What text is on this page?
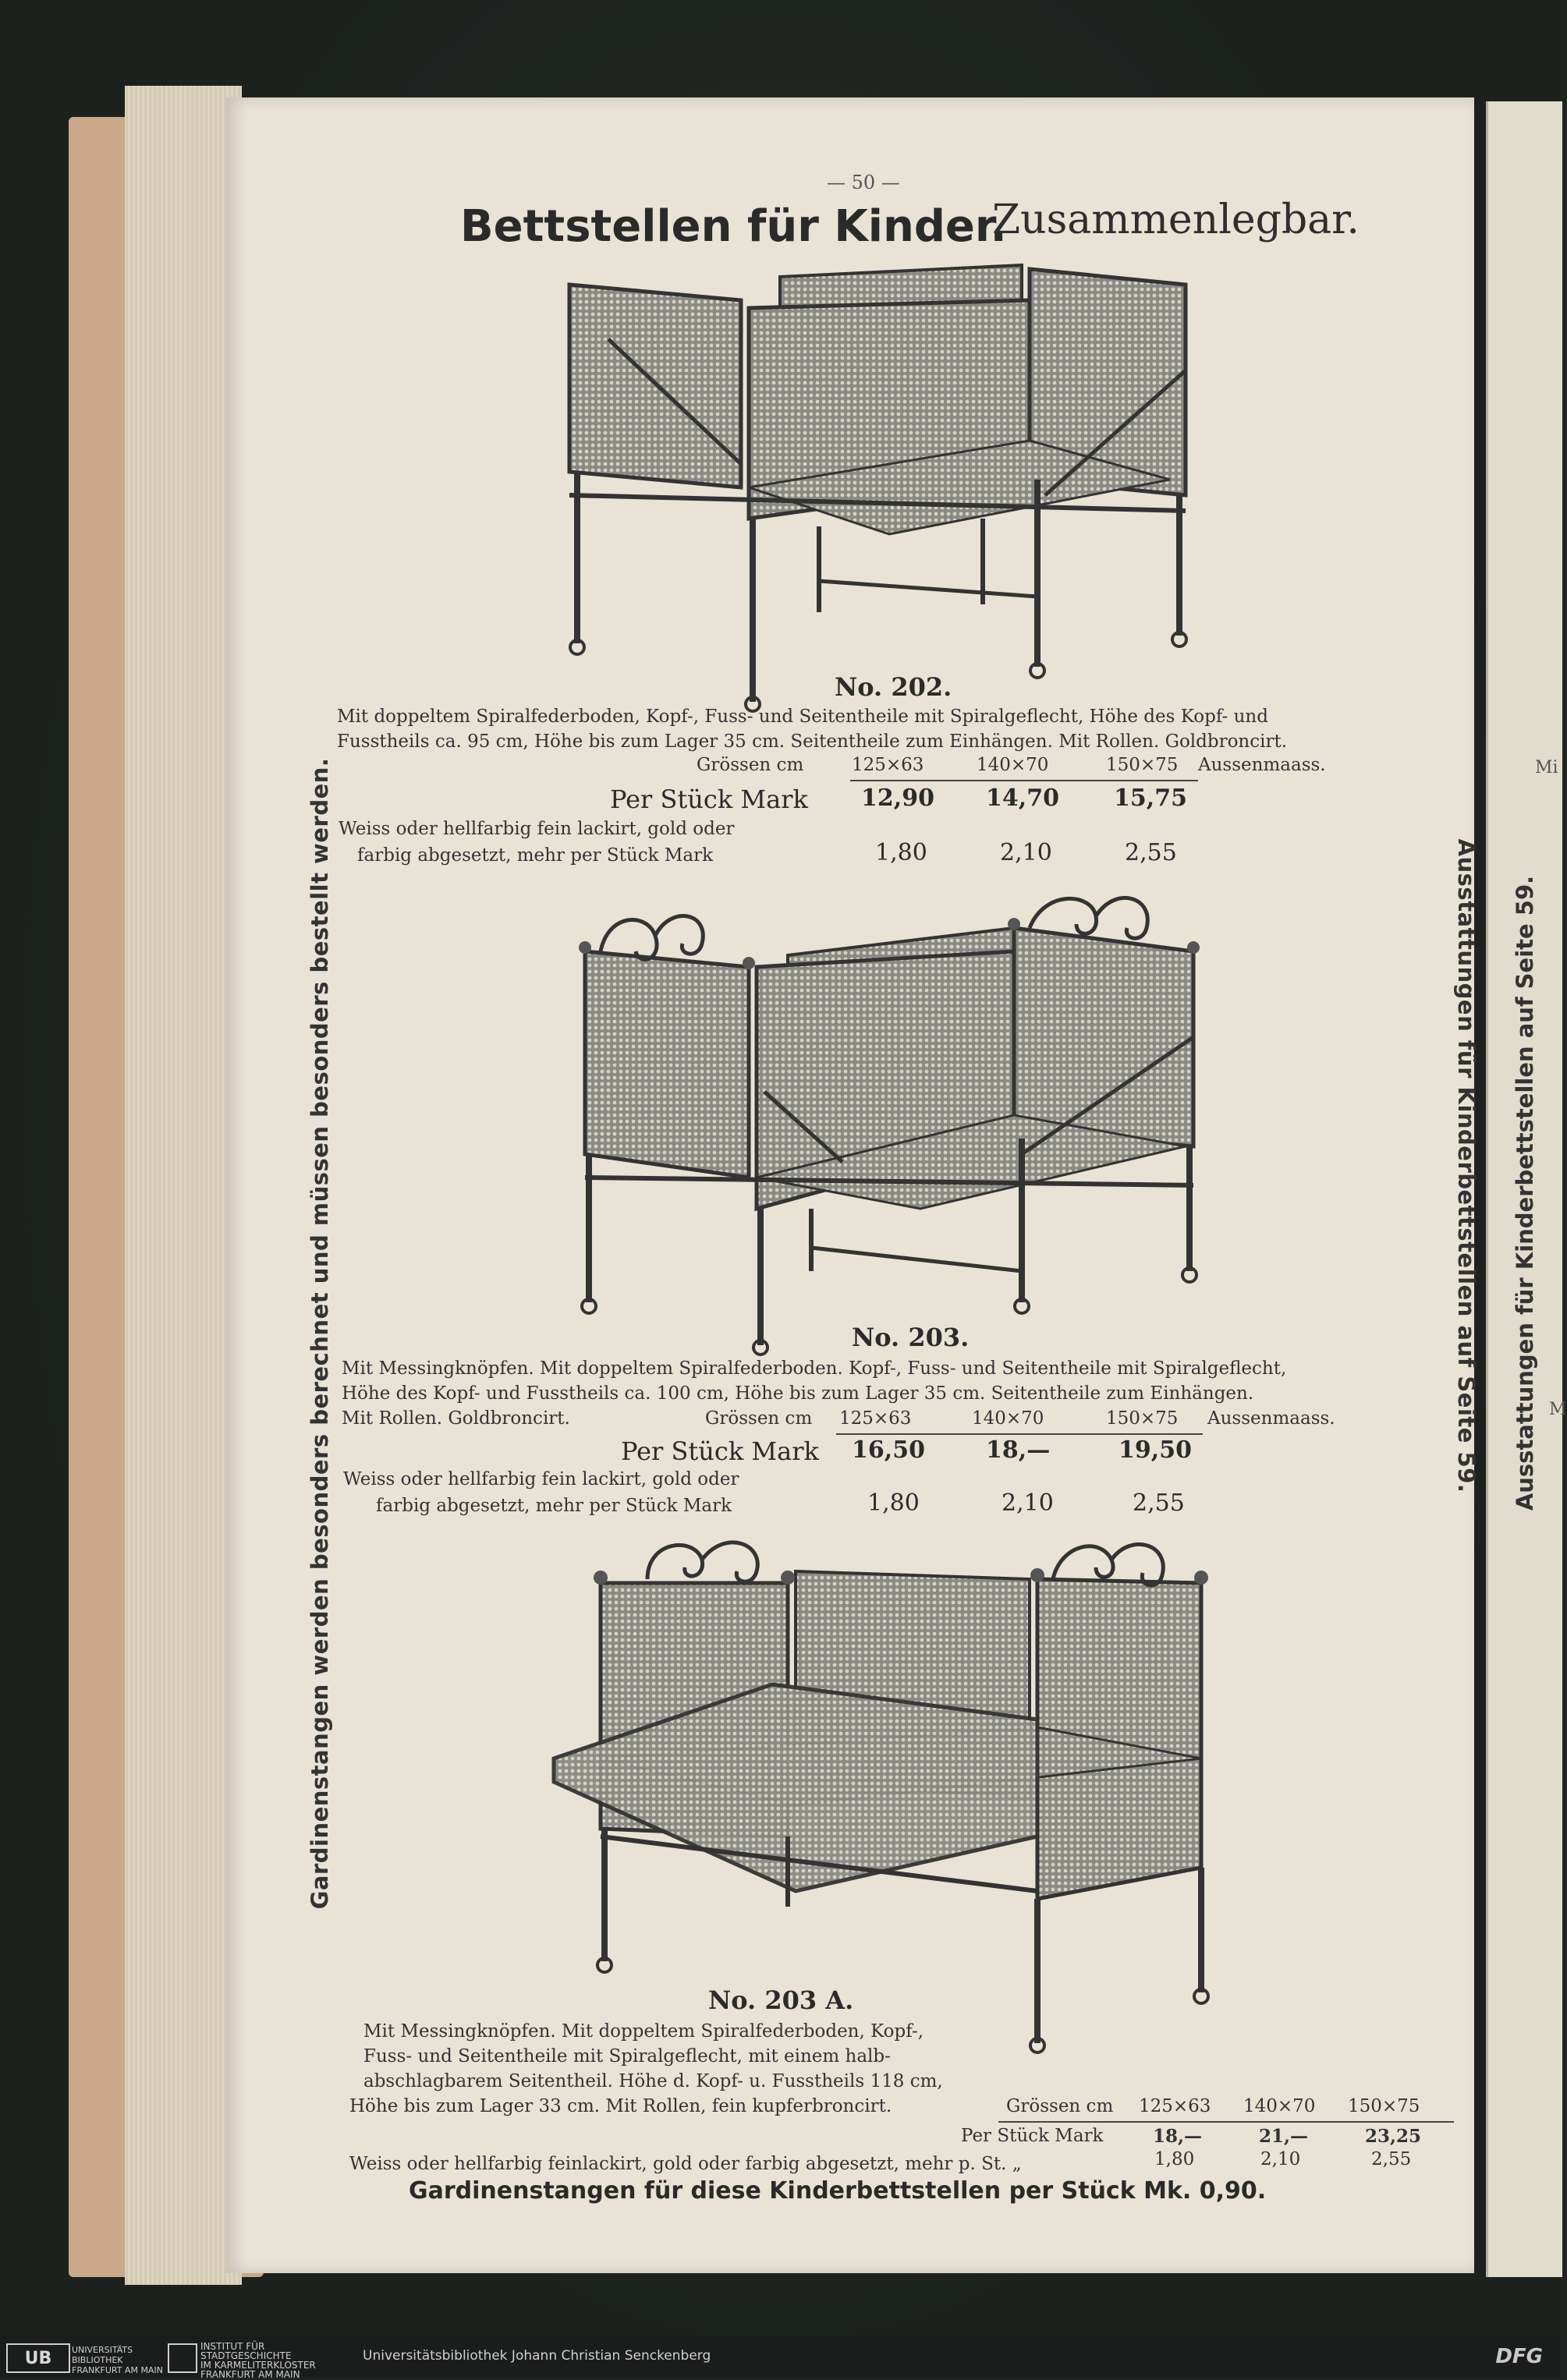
Mi
M
— 50 —
Bettstellen für Kinder.
Zusammenlegbar.
Gardinenstangen werden besonders berechnet und müssen besonders bestellt werden.	Ausstattungen für Kinderbettstellen auf Seite 59. Ausstattungen für Kinderbettstellen auf Seite 59.
No. 202.
Mit doppeltem Spiralfederboden, Kopf-, Fuss- und Seitentheile mit Spiralgeflecht, Höhe des Kopf- und
Fusstheils ca. 95 cm, Höhe bis zum Lager 35 cm. Seitentheile zum Einhängen. Mit Rollen. Goldbroncirt.
Grössen cm	125×63	140×70	150×75 Aussenmaass.
Per Stück Mark 12,90 14,70 15,75
Weiss oder hellfarbig fein lackirt, gold oder
farbig abgesetzt, mehr per Stück Mark	1,80	2,10	2,55
No. 203.
Mit Messingknöpfen. Mit doppeltem Spiralfederboden. Kopf-, Fuss- und Seitentheile mit Spiralgeflecht,
Höhe des Kopf- und Fusstheils ca. 100 cm, Höhe bis zum Lager 35 cm. Seitentheile zum Einhängen.
Mit Rollen. Goldbroncirt.	Grössen cm 125×63	140×70	150×75 Aussenmaass.
Per Stück Mark 16,50	18,—	19,50
Weiss oder hellfarbig fein lackirt, gold oder
farbig abgesetzt, mehr per Stück Mark	1,80	2,10	2,55
No. 203 A.
Mit Messingknöpfen. Mit doppeltem Spiralfederboden, Kopf-,
Fuss- und Seitentheile mit Spiralgeflecht, mit einem halb-
abschlagbarem Seitentheil. Höhe d. Kopf- u. Fusstheils 118 cm,
Höhe bis zum Lager 33 cm. Mit Rollen, fein kupferbroncirt.	Grössen cm 125×63 140×70 150×75
Per Stück Mark	18,—	21,—	23,25
Weiss oder hellfarbig feinlackirt, gold oder farbig abgesetzt, mehr p. St. „	1,80	2,10	2,55
Gardinenstangen für diese Kinderbettstellen per Stück Mk. 0,90.
UB	UNIVERSITÄTS
BIBLIOTHEK
FRANKFURT AM MAIN
INSTITUT FÜR
STADTGESCHICHTE
IM KARMELITERKLOSTER
FRANKFURT AM MAIN
Universitätsbibliothek Johann Christian Senckenberg	DFG
